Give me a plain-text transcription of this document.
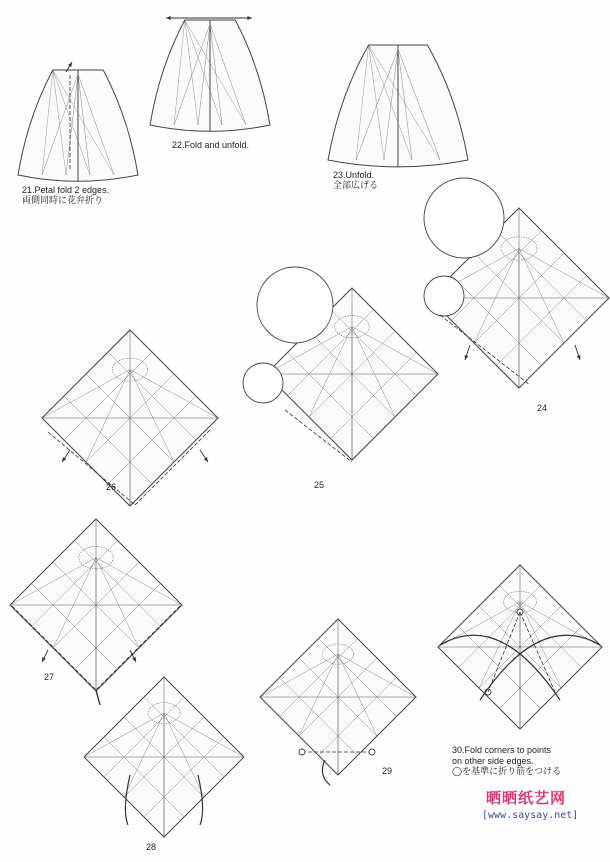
21.Petal fold 2 edges.
両側同時に花弁折り
22.Fold and unfold.
23.Unfold.
全部広げる
24
25
26
27
28
29
30.Fold corners to points
on other side edges.
◯を基準に折り筋をつける
晒晒纸艺网
[www.saysay.net]
